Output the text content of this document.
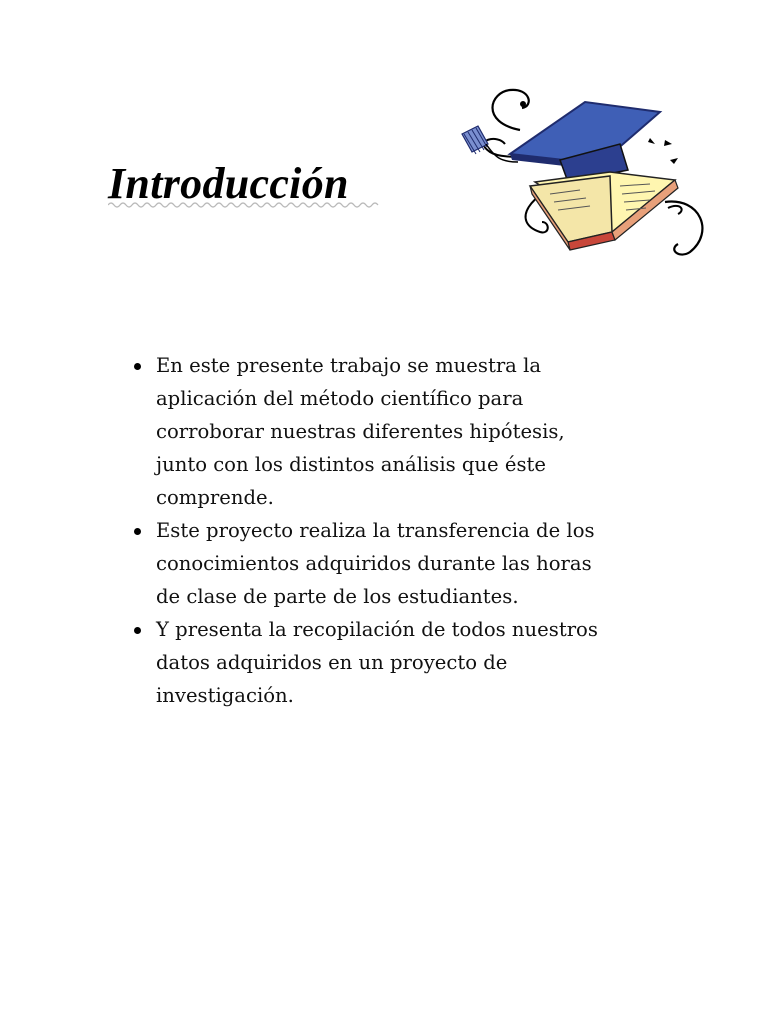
Introducción
En este presente trabajo se muestra la
aplicación del método científico para
corroborar nuestras diferentes hipótesis,
junto con los distintos análisis que éste
comprende.
Este proyecto realiza la transferencia de los
conocimientos adquiridos durante las horas
de clase de parte de los estudiantes.
Y presenta la recopilación de todos nuestros
datos adquiridos en un proyecto de
investigación.
